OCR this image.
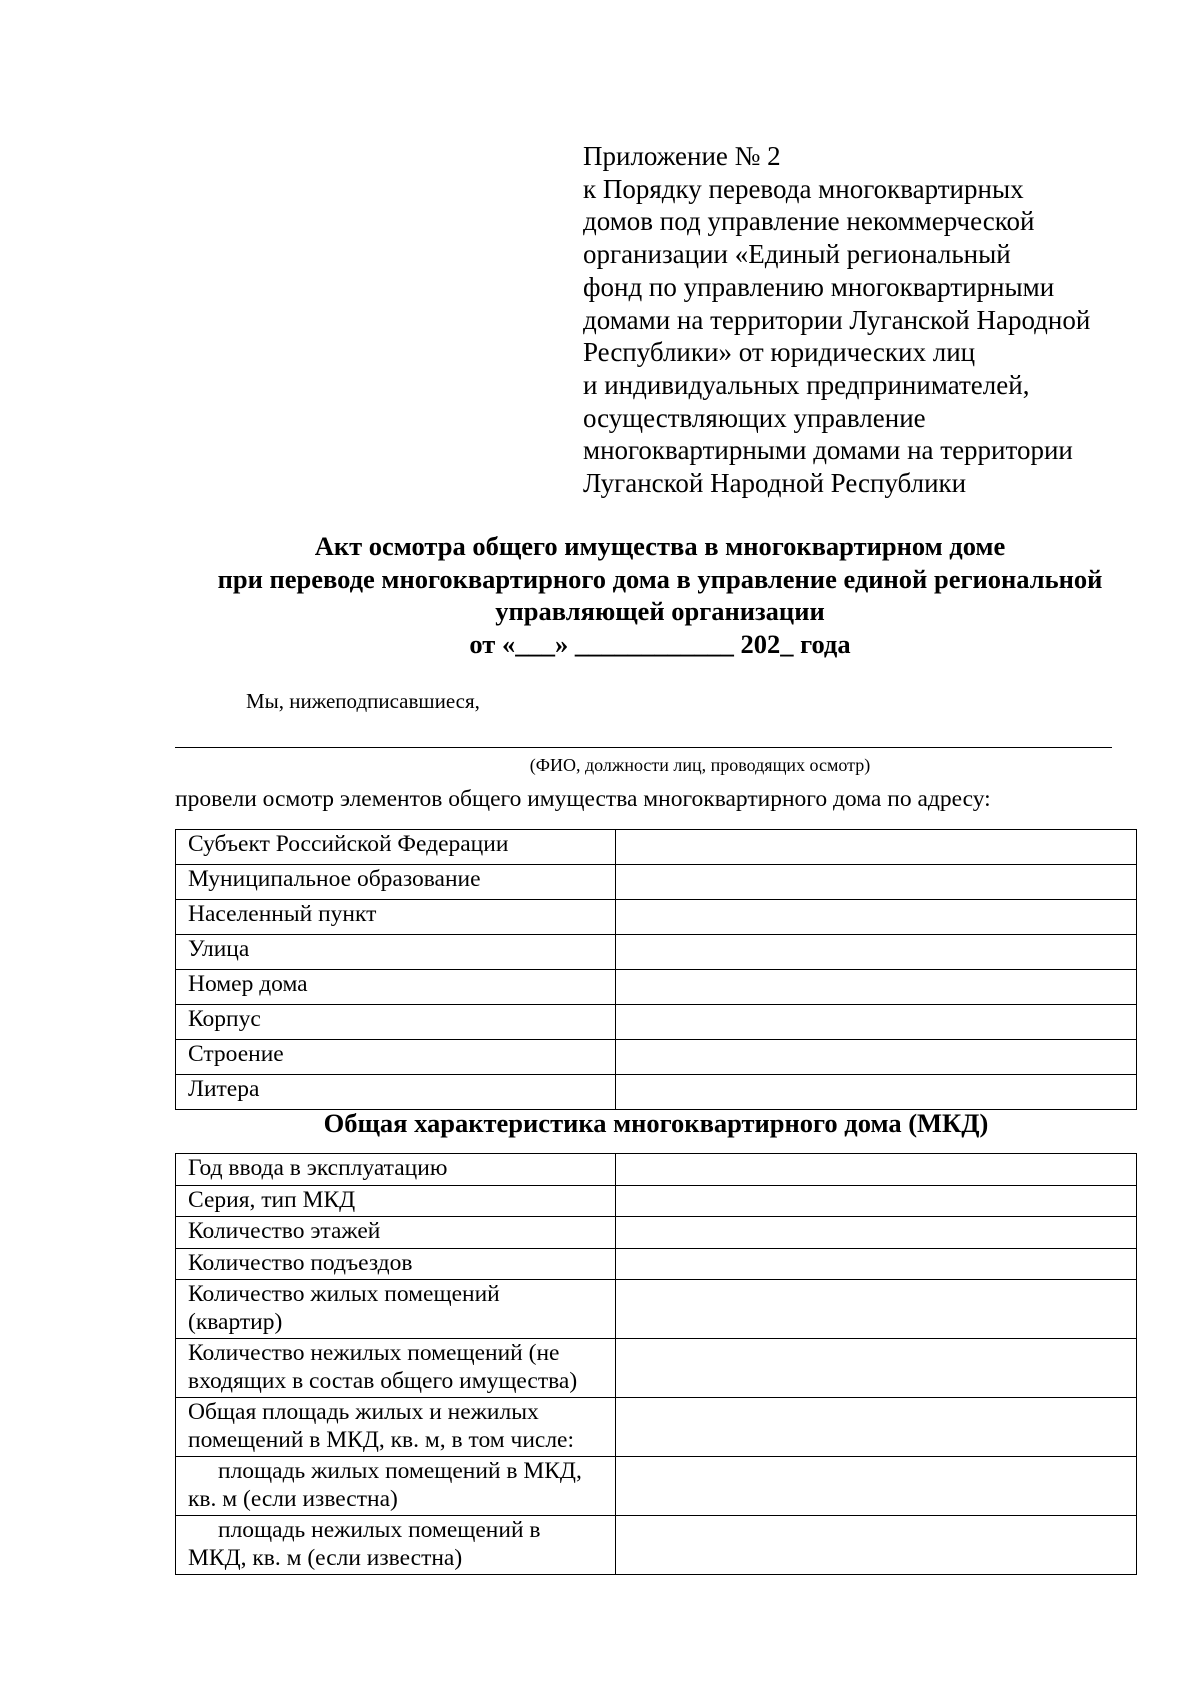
Приложение № 2
к Порядку перевода многоквартирных
домов под управление некоммерческой
организации «Единый региональный
фонд по управлению многоквартирными
домами на территории Луганской Народной
Республики» от юридических лиц
и индивидуальных предпринимателей,
осуществляющих управление
многоквартирными домами на территории
Луганской Народной Республики
Акт осмотра общего имущества в многоквартирном доме
при переводе многоквартирного дома в управление единой региональной
управляющей организации
от «___» ____________ 202_ года
Мы, нижеподписавшиеся,
(ФИО, должности лиц, проводящих осмотр)
провели осмотр элементов общего имущества многоквартирного дома по адресу:
Субъект Российской Федерации	
Муниципальное образование	
Населенный пункт	
Улица	
Номер дома	
Корпус	
Строение	
Литера	
Общая характеристика многоквартирного дома (МКД)
Год ввода в эксплуатацию	

Серия, тип МКД	

Количество этажей	

Количество подъездов	

Количество жилых помещений
(квартир)	

Количество нежилых помещений (не
входящих в состав общего имущества)	

Общая площадь жилых и нежилых
помещений в МКД, кв. м, в том числе:	

площадь жилых помещений в МКД,
кв. м (если известна)	

площадь нежилых помещений в
МКД, кв. м (если известна)	
